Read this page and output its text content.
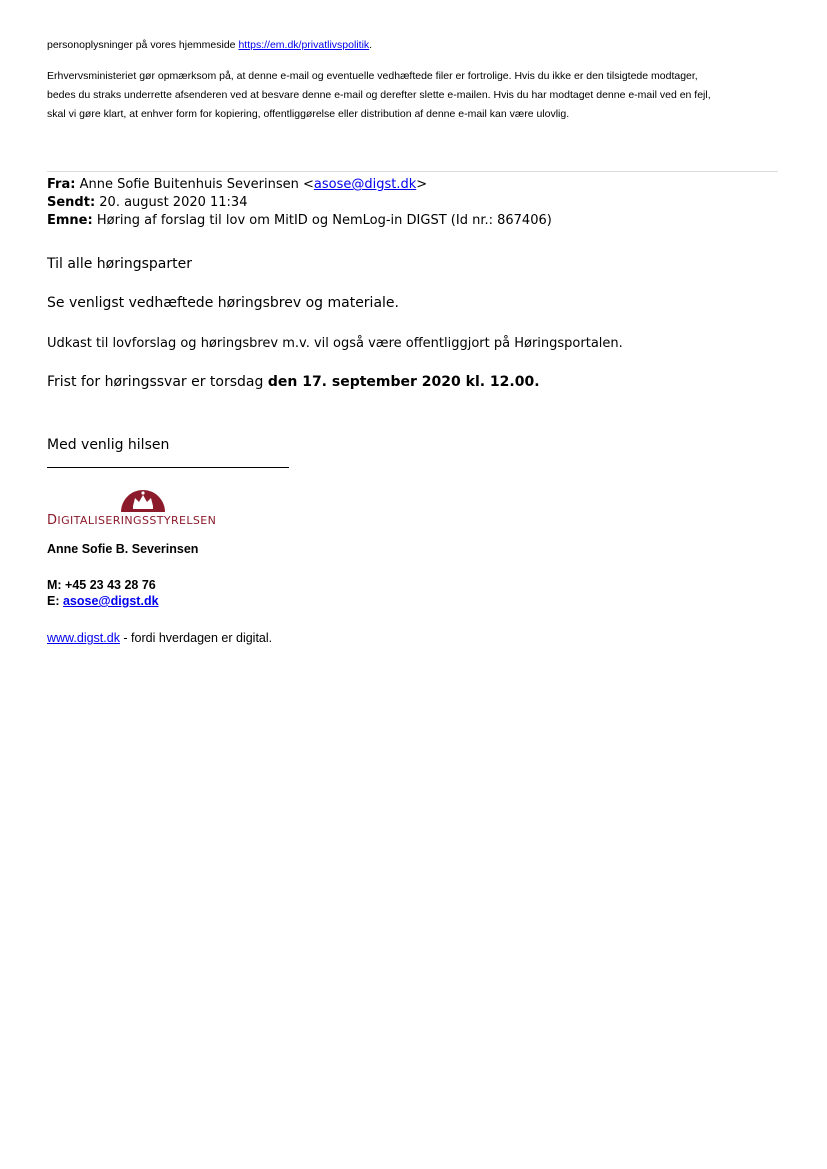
personoplysninger på vores hjemmeside https://em.dk/privatlivspolitik.
Erhvervsministeriet gør opmærksom på, at denne e-mail og eventuelle vedhæftede filer er fortrolige. Hvis du ikke er den tilsigtede modtager,
bedes du straks underrette afsenderen ved at besvare denne e-mail og derefter slette e-mailen. Hvis du har modtaget denne e-mail ved en fejl,
skal vi gøre klart, at enhver form for kopiering, offentliggørelse eller distribution af denne e-mail kan være ulovlig.
Fra: Anne Sofie Buitenhuis Severinsen <asose@digst.dk>
Sendt: 20. august 2020 11:34
Emne: Høring af forslag til lov om MitID og NemLog-in DIGST (Id nr.: 867406)
Til alle høringsparter
Se venligst vedhæftede høringsbrev og materiale.
Udkast til lovforslag og høringsbrev m.v. vil også være offentliggjort på Høringsportalen.
Frist for høringssvar er torsdag den 17. september 2020 kl. 12.00.
Med venlig hilsen
DIGITALISERINGSSTYRELSEN
Anne Sofie B. Severinsen
M: +45 23 43 28 76
E: asose@digst.dk
www.digst.dk - fordi hverdagen er digital.
